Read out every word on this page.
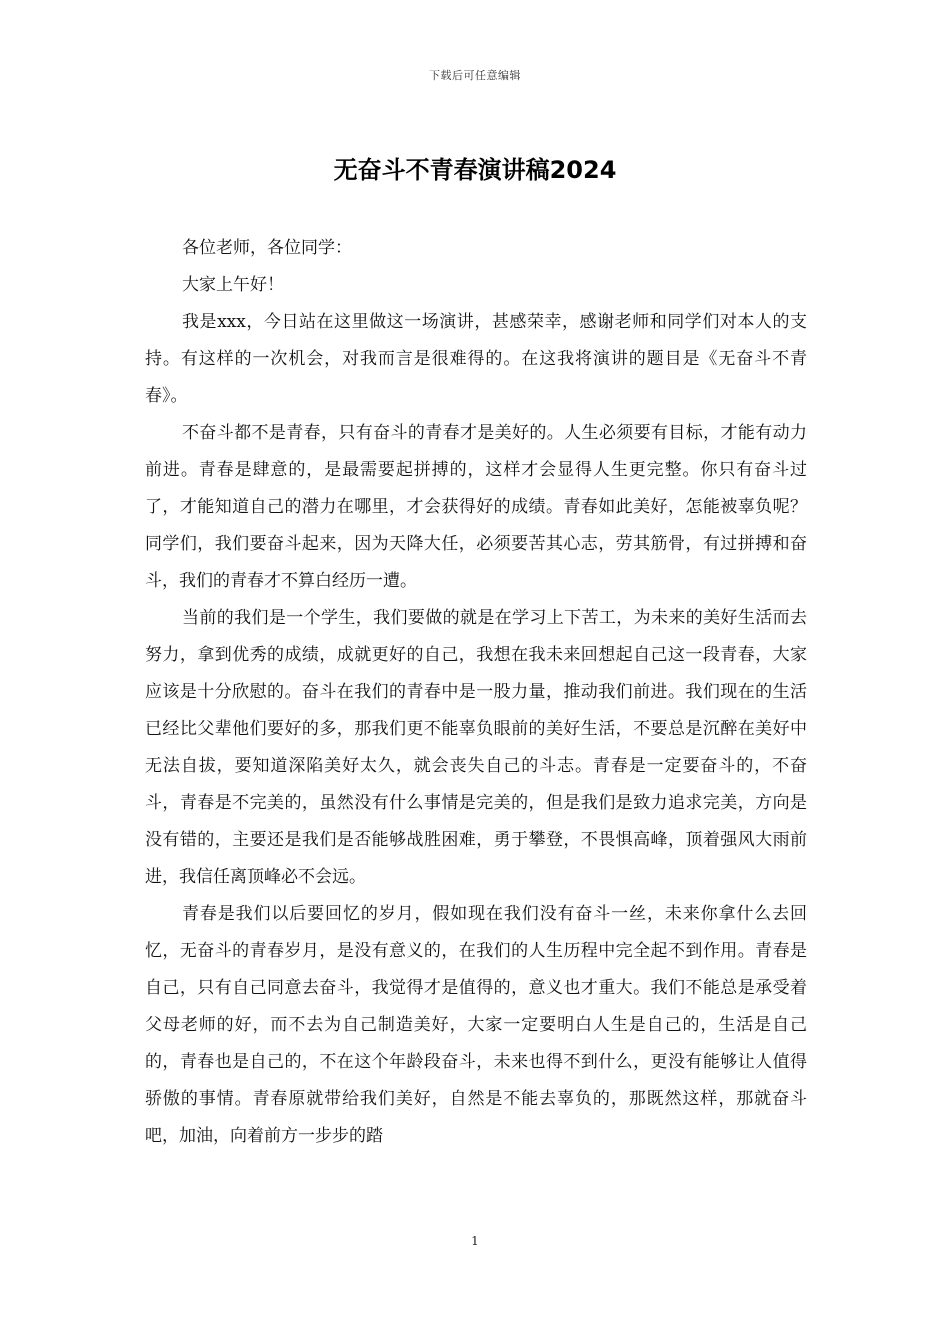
下载后可任意编辑
无奋斗不青春演讲稿2024

各位老师，各位同学：

大家上午好！

我是xxx，今日站在这里做这一场演讲，甚感荣幸，感谢老师和同学们对本人的支持。有这样的一次机会，对我而言是很难得的。在这我将演讲的题目是《无奋斗不青春》。

不奋斗都不是青春，只有奋斗的青春才是美好的。人生必须要有目标，才能有动力前进。青春是肆意的，是最需要起拼搏的，这样才会显得人生更完整。你只有奋斗过了，才能知道自己的潜力在哪里，才会获得好的成绩。青春如此美好，怎能被辜负呢？同学们，我们要奋斗起来，因为天降大任，必须要苦其心志，劳其筋骨，有过拼搏和奋斗，我们的青春才不算白经历一遭。

当前的我们是一个学生，我们要做的就是在学习上下苦工，为未来的美好生活而去努力，拿到优秀的成绩，成就更好的自己，我想在我未来回想起自己这一段青春，大家应该是十分欣慰的。奋斗在我们的青春中是一股力量，推动我们前进。我们现在的生活已经比父辈他们要好的多，那我们更不能辜负眼前的美好生活，不要总是沉醉在美好中无法自拔，要知道深陷美好太久，就会丧失自己的斗志。青春是一定要奋斗的，不奋斗，青春是不完美的，虽然没有什么事情是完美的，但是我们是致力追求完美，方向是没有错的，主要还是我们是否能够战胜困难，勇于攀登，不畏惧高峰，顶着强风大雨前进，我信任离顶峰必不会远。

青春是我们以后要回忆的岁月，假如现在我们没有奋斗一丝，未来你拿什么去回忆，无奋斗的青春岁月，是没有意义的，在我们的人生历程中完全起不到作用。青春是自己，只有自己同意去奋斗，我觉得才是值得的，意义也才重大。我们不能总是承受着父母老师的好，而不去为自己制造美好，大家一定要明白人生是自己的，生活是自己的，青春也是自己的，不在这个年龄段奋斗，未来也得不到什么，更没有能够让人值得骄傲的事情。青春原就带给我们美好，自然是不能去辜负的，那既然这样，那就奋斗吧，加油，向着前方一步步的踏

1
